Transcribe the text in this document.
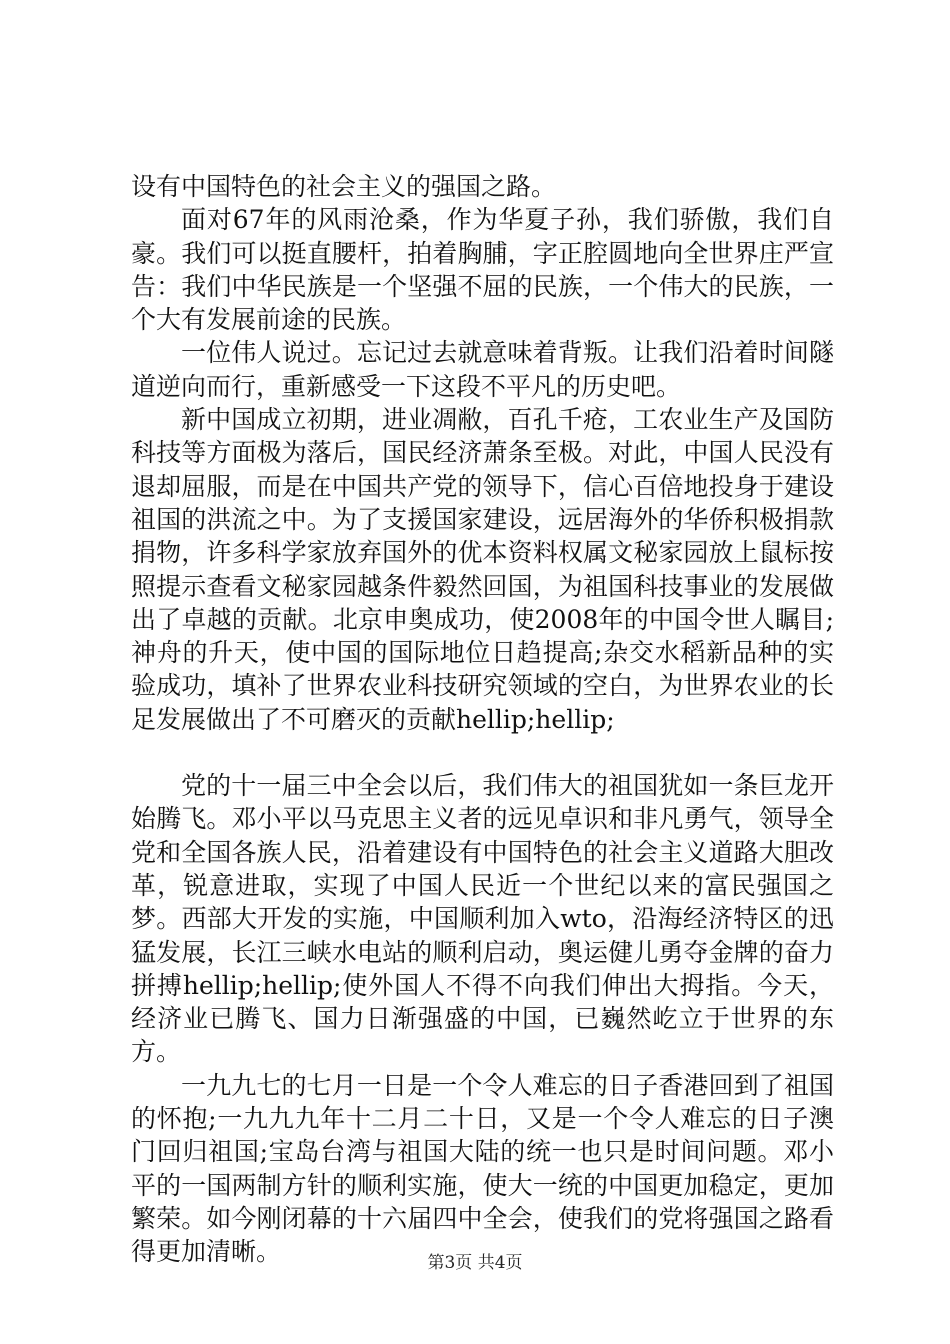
设有中国特色的社会主义的强国之路。

面对67年的风雨沧桑，作为华夏子孙，我们骄傲，我们自豪。我们可以挺直腰杆，拍着胸脯，字正腔圆地向全世界庄严宣告：我们中华民族是一个坚强不屈的民族，一个伟大的民族，一个大有发展前途的民族。

一位伟人说过。忘记过去就意味着背叛。让我们沿着时间隧道逆向而行，重新感受一下这段不平凡的历史吧。

新中国成立初期，进业凋敝，百孔千疮，工农业生产及国防科技等方面极为落后，国民经济萧条至极。对此，中国人民没有退却屈服，而是在中国共产党的领导下，信心百倍地投身于建设祖国的洪流之中。为了支援国家建设，远居海外的华侨积极捐款捐物，许多科学家放弃国外的优本资料权属文秘家园放上鼠标按照提示查看文秘家园越条件毅然回国，为祖国科技事业的发展做出了卓越的贡献。北京申奥成功，使2008年的中国令世人瞩目;神舟的升天，使中国的国际地位日趋提高;杂交水稻新品种的实验成功，填补了世界农业科技研究领域的空白，为世界农业的长足发展做出了不可磨灭的贡献hellip;hellip;

党的十一届三中全会以后，我们伟大的祖国犹如一条巨龙开始腾飞。邓小平以马克思主义者的远见卓识和非凡勇气，领导全党和全国各族人民，沿着建设有中国特色的社会主义道路大胆改革，锐意进取，实现了中国人民近一个世纪以来的富民强国之梦。西部大开发的实施，中国顺利加入wto，沿海经济特区的迅猛发展，长江三峡水电站的顺利启动，奥运健儿勇夺金牌的奋力拼搏hellip;hellip;使外国人不得不向我们伸出大拇指。今天，经济业已腾飞、国力日渐强盛的中国，已巍然屹立于世界的东方。

一九九七的七月一日是一个令人难忘的日子香港回到了祖国的怀抱;一九九九年十二月二十日，又是一个令人难忘的日子澳门回归祖国;宝岛台湾与祖国大陆的统一也只是时间问题。邓小平的一国两制方针的顺利实施，使大一统的中国更加稳定，更加繁荣。如今刚闭幕的十六届四中全会，使我们的党将强国之路看得更加清晰。	第3页 共4页
